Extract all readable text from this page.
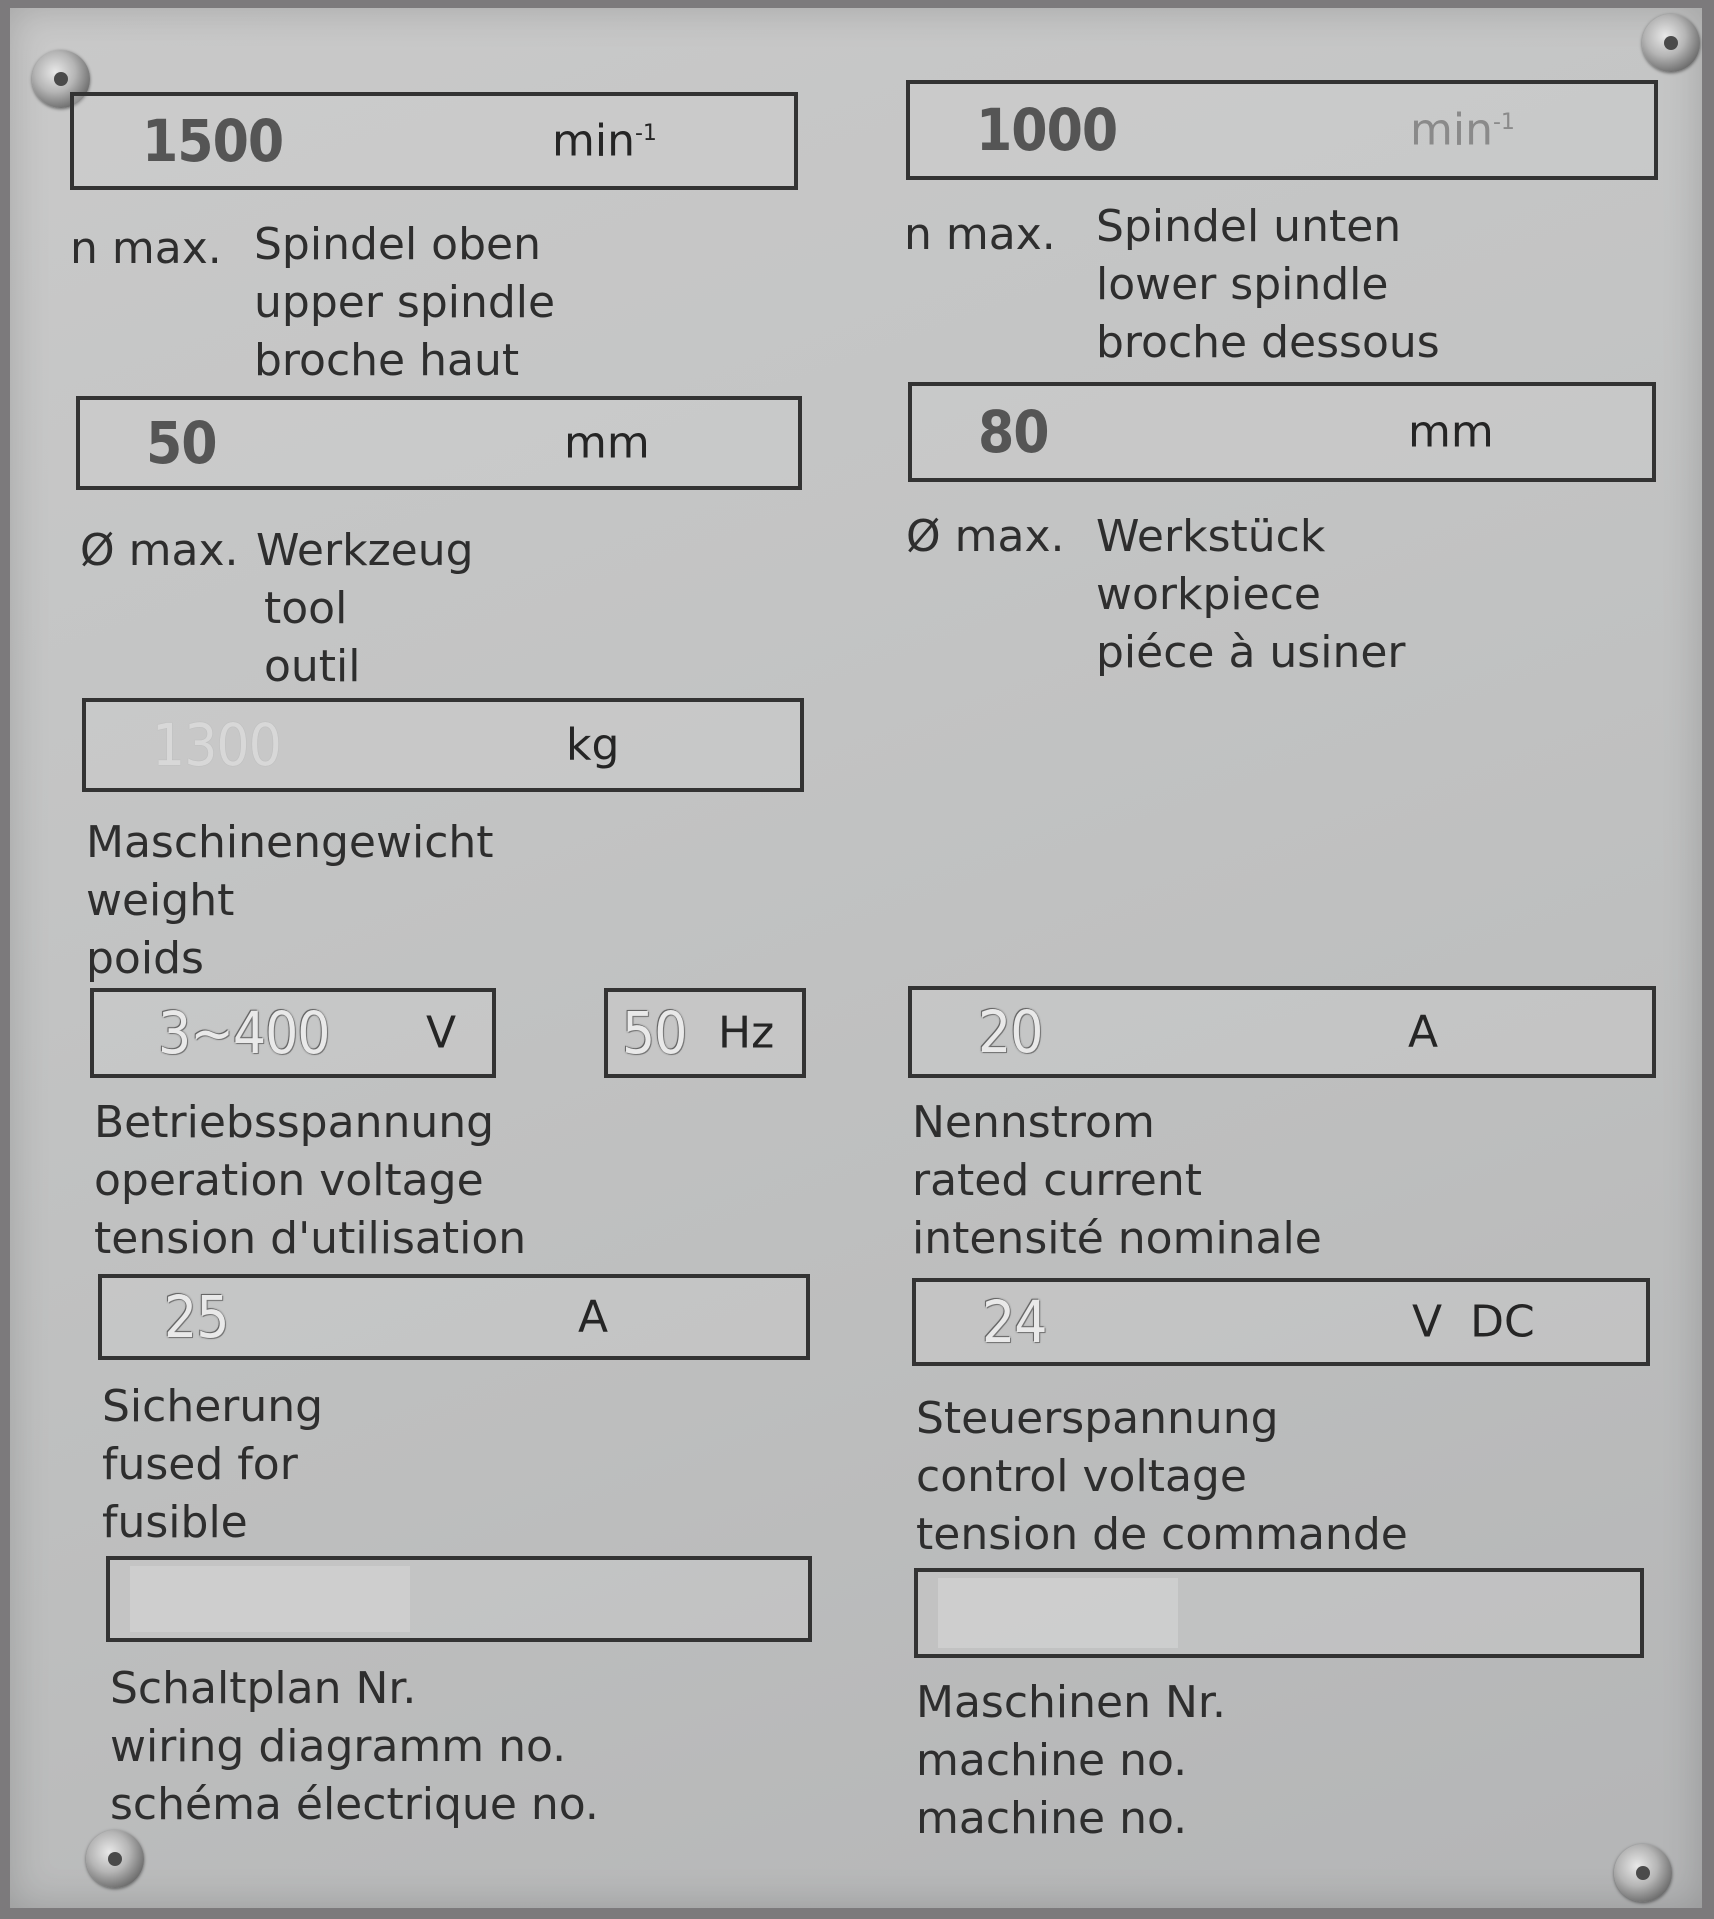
1500	$\min^{-1}$
n max. Spindel oben
upper spindle
broche haut
1000	$\min^{-1}$
n max. Spindel unten
lower spindle
broche dessous
50	mm
Ø max. Werkzeug
tool
outil
80	mm
Ø max. Werkstück
workpiece
piéce à usiner
1300	kg
Maschinengewicht
weight
poids
3~400 V	50 Hz
Betriebsspannung
operation voltage
tension d'utilisation
20	A
Nennstrom
rated current
intensité nominale
25	A
Sicherung
fused for
fusible
24	V  DC
Steuerspannung
control voltage
tension de commande
Schaltplan Nr.
wiring diagramm no.
schéma électrique no.
Maschinen Nr.
machine no.
machine no.
